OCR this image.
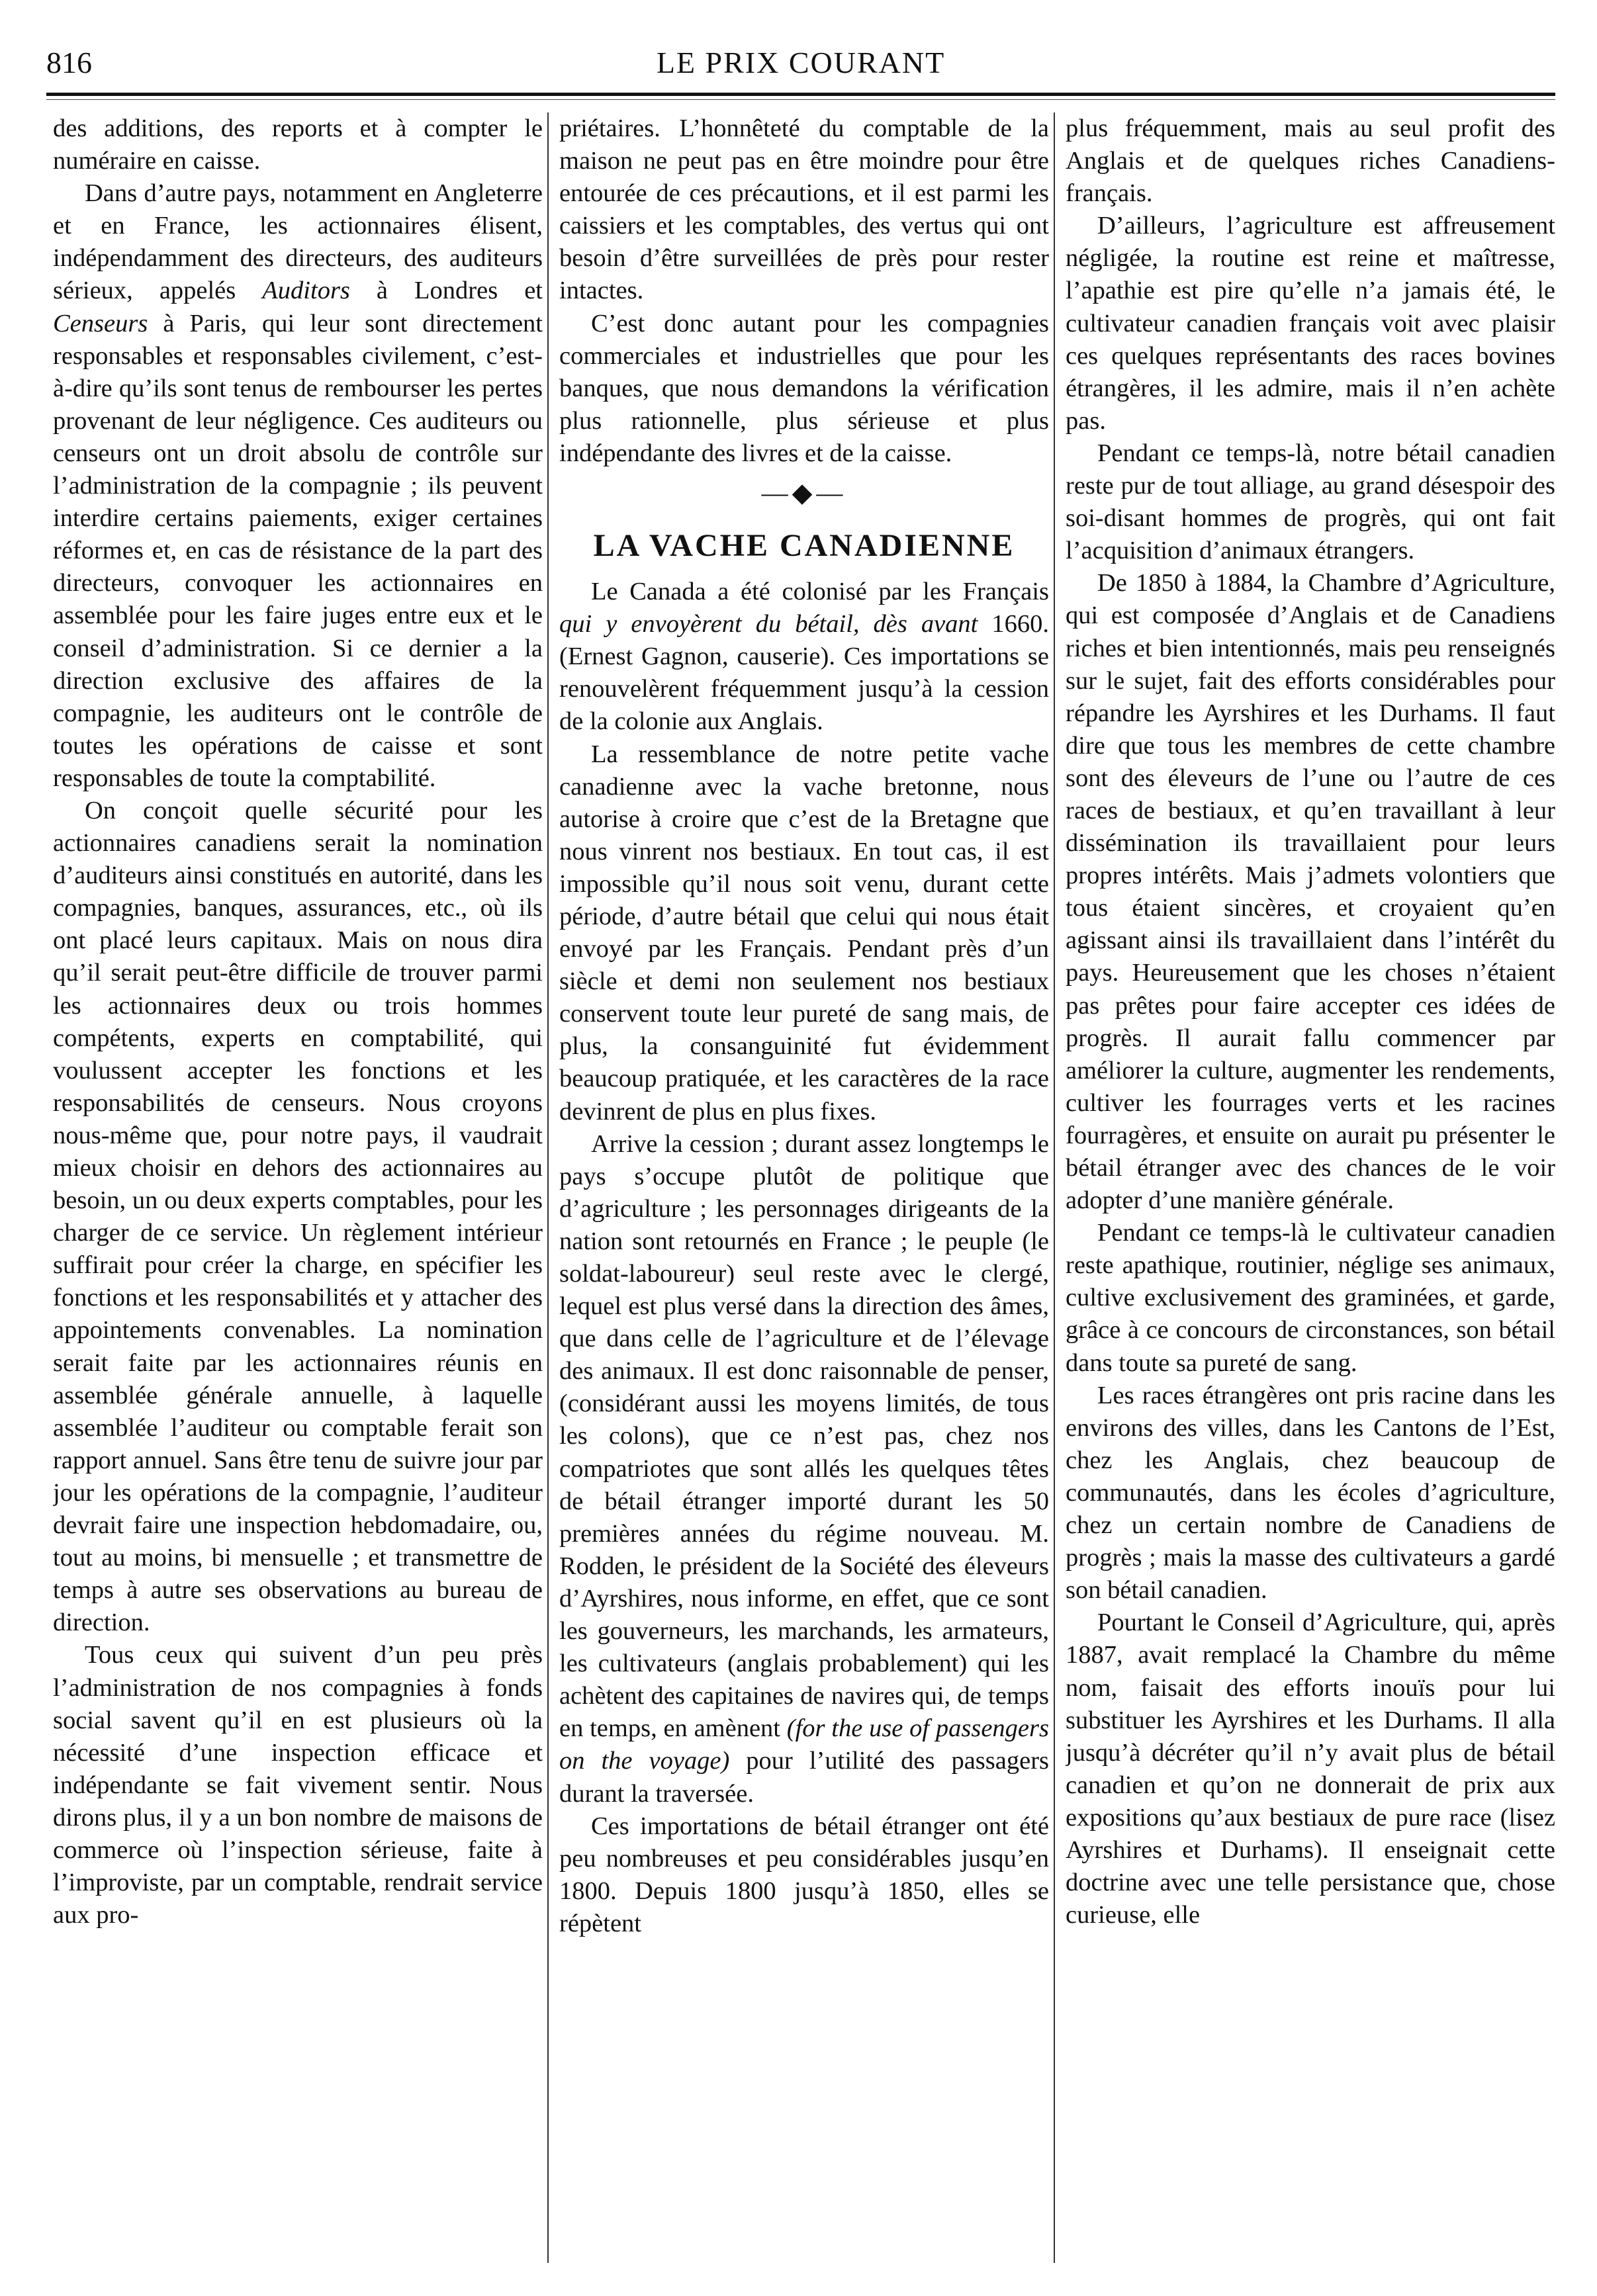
816	LE PRIX COURANT

des additions, des reports et à compter le numéraire en caisse.

Dans d’autre pays, notamment en Angleterre et en France, les actionnaires élisent, indépendamment des directeurs, des auditeurs sérieux, appelés Auditors à Londres et Censeurs à Paris, qui leur sont directement responsables et responsables civilement, c’est-à-dire qu’ils sont tenus de rembourser les pertes provenant de leur négligence. Ces auditeurs ou censeurs ont un droit absolu de contrôle sur l’administration de la compagnie ; ils peuvent interdire certains paiements, exiger certaines réformes et, en cas de résistance de la part des directeurs, convoquer les actionnaires en assemblée pour les faire juges entre eux et le conseil d’administration. Si ce dernier a la direction exclusive des affaires de la compagnie, les auditeurs ont le contrôle de toutes les opérations de caisse et sont responsables de toute la comptabilité.

On conçoit quelle sécurité pour les actionnaires canadiens serait la nomination d’auditeurs ainsi constitués en autorité, dans les compagnies, banques, assurances, etc., où ils ont placé leurs capitaux. Mais on nous dira qu’il serait peut-être difficile de trouver parmi les actionnaires deux ou trois hommes compétents, experts en comptabilité, qui voulussent accepter les fonctions et les responsabilités de censeurs. Nous croyons nous-même que, pour notre pays, il vaudrait mieux choisir en dehors des actionnaires au besoin, un ou deux experts comptables, pour les charger de ce service. Un règlement intérieur suffirait pour créer la charge, en spécifier les fonctions et les responsabilités et y attacher des appointements convenables. La nomination serait faite par les actionnaires réunis en assemblée générale annuelle, à laquelle assemblée l’auditeur ou comptable ferait son rapport annuel. Sans être tenu de suivre jour par jour les opérations de la compagnie, l’auditeur devrait faire une inspection hebdomadaire, ou, tout au moins, bi mensuelle ; et transmettre de temps à autre ses observations au bureau de direction.

Tous ceux qui suivent d’un peu près l’administration de nos compagnies à fonds social savent qu’il en est plusieurs où la nécessité d’une inspection efficace et indépendante se fait vivement sentir. Nous dirons plus, il y a un bon nombre de maisons de commerce où l’inspection sérieuse, faite à l’improviste, par un comptable, rendrait service aux pro-

priétaires. L’honnêteté du comptable de la maison ne peut pas en être moindre pour être entourée de ces précautions, et il est parmi les caissiers et les comptables, des vertus qui ont besoin d’être surveillées de près pour rester intactes.

C’est donc autant pour les compagnies commerciales et industrielles que pour les banques, que nous demandons la vérification plus rationnelle, plus sérieuse et plus indépendante des livres et de la caisse.

—◆—
LA VACHE CANADIENNE

Le Canada a été colonisé par les Français qui y envoyèrent du bétail, dès avant 1660. (Ernest Gagnon, causerie). Ces importations se renouvelèrent fréquemment jusqu’à la cession de la colonie aux Anglais.

La ressemblance de notre petite vache canadienne avec la vache bretonne, nous autorise à croire que c’est de la Bretagne que nous vinrent nos bestiaux. En tout cas, il est impossible qu’il nous soit venu, durant cette période, d’autre bétail que celui qui nous était envoyé par les Français. Pendant près d’un siècle et demi non seulement nos bestiaux conservent toute leur pureté de sang mais, de plus, la consanguinité fut évidemment beaucoup pratiquée, et les caractères de la race devinrent de plus en plus fixes.

Arrive la cession ; durant assez longtemps le pays s’occupe plutôt de politique que d’agriculture ; les personnages dirigeants de la nation sont retournés en France ; le peuple (le soldat-laboureur) seul reste avec le clergé, lequel est plus versé dans la direction des âmes, que dans celle de l’agriculture et de l’élevage des animaux. Il est donc raisonnable de penser, (considérant aussi les moyens limités, de tous les colons), que ce n’est pas, chez nos compatriotes que sont allés les quelques têtes de bétail étranger importé durant les 50 premières années du régime nouveau. M. Rodden, le président de la Société des éleveurs d’Ayrshires, nous informe, en effet, que ce sont les gouverneurs, les marchands, les armateurs, les cultivateurs (anglais probablement) qui les achètent des capitaines de navires qui, de temps en temps, en amènent (for the use of passengers on the voyage) pour l’utilité des passagers durant la traversée.

Ces importations de bétail étranger ont été peu nombreuses et peu considérables jusqu’en 1800. Depuis 1800 jusqu’à 1850, elles se répètent

plus fréquemment, mais au seul profit des Anglais et de quelques riches Canadiens-français.

D’ailleurs, l’agriculture est affreusement négligée, la routine est reine et maîtresse, l’apathie est pire qu’elle n’a jamais été, le cultivateur canadien français voit avec plaisir ces quelques représentants des races bovines étrangères, il les admire, mais il n’en achète pas.

Pendant ce temps-là, notre bétail canadien reste pur de tout alliage, au grand désespoir des soi-disant hommes de progrès, qui ont fait l’acquisition d’animaux étrangers.

De 1850 à 1884, la Chambre d’Agriculture, qui est composée d’Anglais et de Canadiens riches et bien intentionnés, mais peu renseignés sur le sujet, fait des efforts considérables pour répandre les Ayrshires et les Durhams. Il faut dire que tous les membres de cette chambre sont des éleveurs de l’une ou l’autre de ces races de bestiaux, et qu’en travaillant à leur dissémination ils travaillaient pour leurs propres intérêts. Mais j’admets volontiers que tous étaient sincères, et croyaient qu’en agissant ainsi ils travaillaient dans l’intérêt du pays. Heureusement que les choses n’étaient pas prêtes pour faire accepter ces idées de progrès. Il aurait fallu commencer par améliorer la culture, augmenter les rendements, cultiver les fourrages verts et les racines fourragères, et ensuite on aurait pu présenter le bétail étranger avec des chances de le voir adopter d’une manière générale.

Pendant ce temps-là le cultivateur canadien reste apathique, routinier, néglige ses animaux, cultive exclusivement des graminées, et garde, grâce à ce concours de circonstances, son bétail dans toute sa pureté de sang.

Les races étrangères ont pris racine dans les environs des villes, dans les Cantons de l’Est, chez les Anglais, chez beaucoup de communautés, dans les écoles d’agriculture, chez un certain nombre de Canadiens de progrès ; mais la masse des cultivateurs a gardé son bétail canadien.

Pourtant le Conseil d’Agriculture, qui, après 1887, avait remplacé la Chambre du même nom, faisait des efforts inouïs pour lui substituer les Ayrshires et les Durhams. Il alla jusqu’à décréter qu’il n’y avait plus de bétail canadien et qu’on ne donnerait de prix aux expositions qu’aux bestiaux de pure race (lisez Ayrshires et Durhams). Il enseignait cette doctrine avec une telle persistance que, chose curieuse, elle
